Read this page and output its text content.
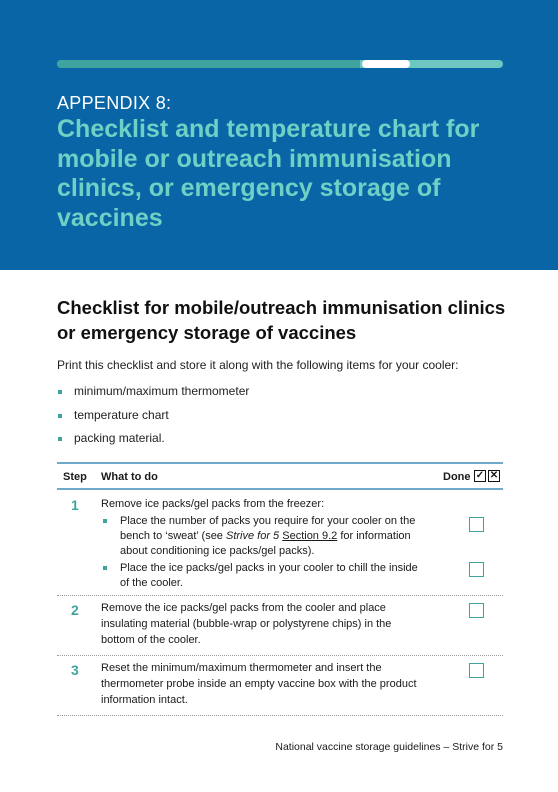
APPENDIX 8:
Checklist and temperature chart for mobile or outreach immunisation clinics, or emergency storage of vaccines
Checklist for mobile/outreach immunisation clinics or emergency storage of vaccines
Print this checklist and store it along with the following items for your cooler:
minimum/maximum thermometer
temperature chart
packing material.
Step What to do	Done ✓ ✕
1 Remove ice packs/gel packs from the freezer:
Place the number of packs you require for your cooler on the bench to ‘sweat’ (see Strive for 5 Section 9.2 for information about conditioning ice packs/gel packs).
Place the ice packs/gel packs in your cooler to chill the inside of the cooler.
2 Remove the ice packs/gel packs from the cooler and place insulating material (bubble-wrap or polystyrene chips) in the bottom of the cooler.
3 Reset the minimum/maximum thermometer and insert the thermometer probe inside an empty vaccine box with the product information intact.
National vaccine storage guidelines – Strive for 5
